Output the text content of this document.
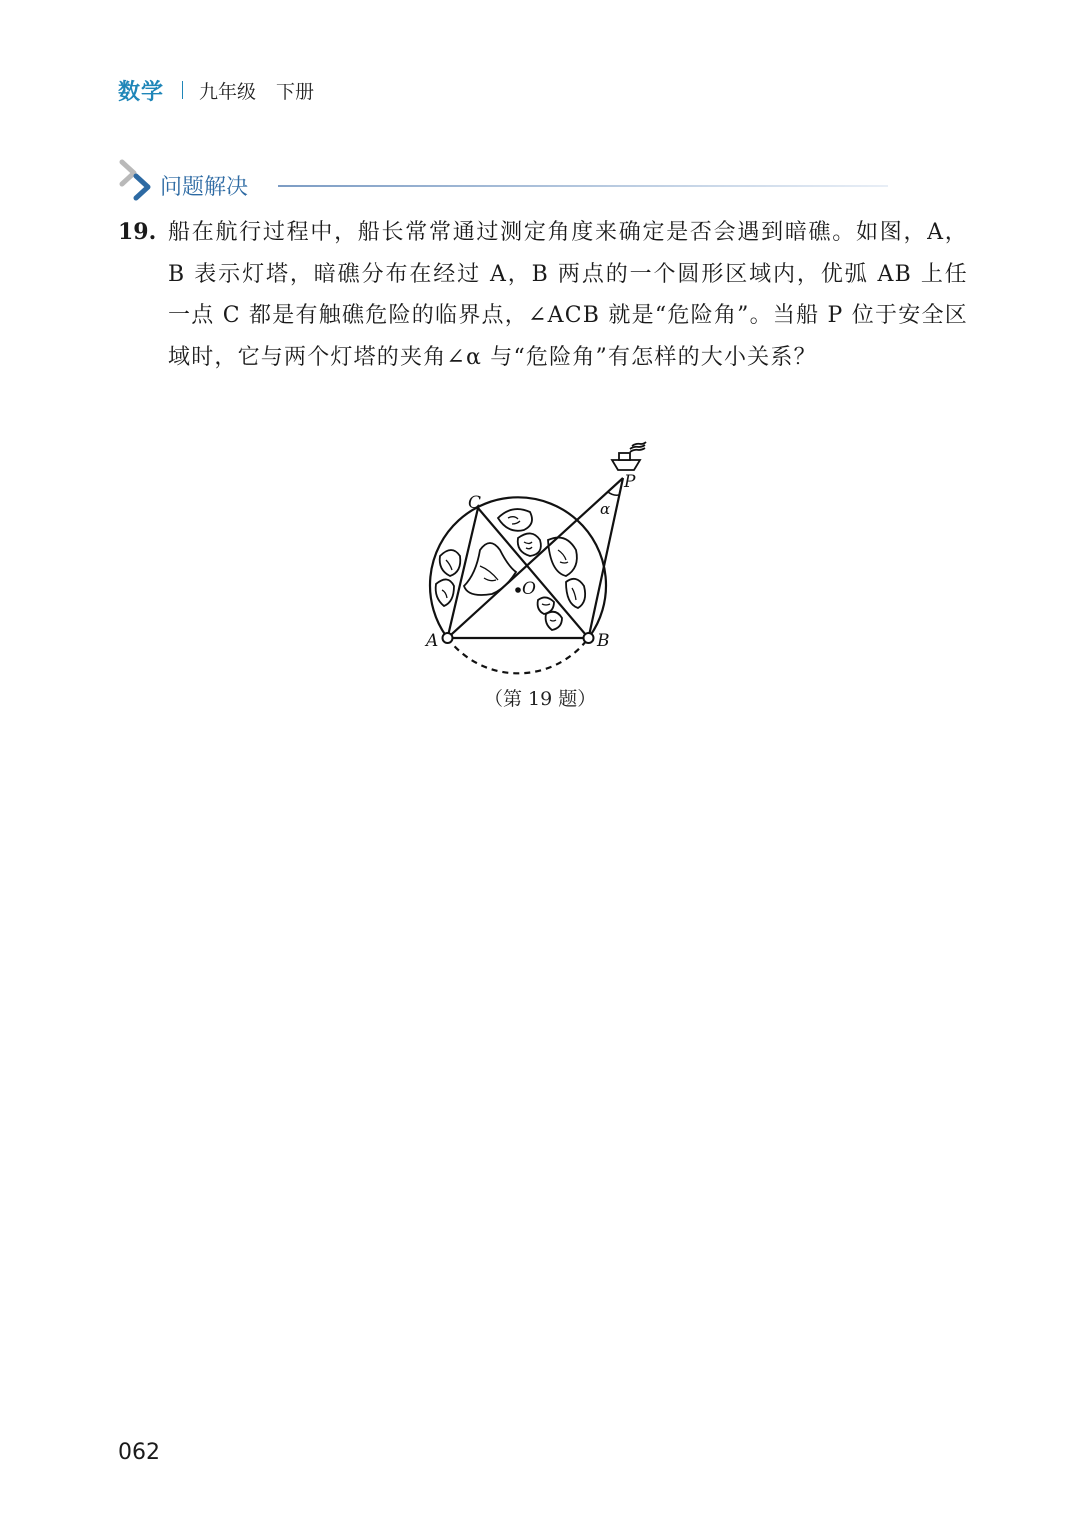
数学 九年级 下册
问题解决
19. 船在航行过程中，船长常常通过测定角度来确定是否会遇到暗礁。如图，A，B 表示灯塔，暗礁分布在经过 A，B 两点的一个圆形区域内，优弧 AB 上任一点 C 都是有触礁危险的临界点，∠ACB 就是“危险角”。当船 P 位于安全区域时，它与两个灯塔的夹角∠α 与“危险角”有怎样的大小关系？
A	B
C
O
P
α
（第 19 题）
062
